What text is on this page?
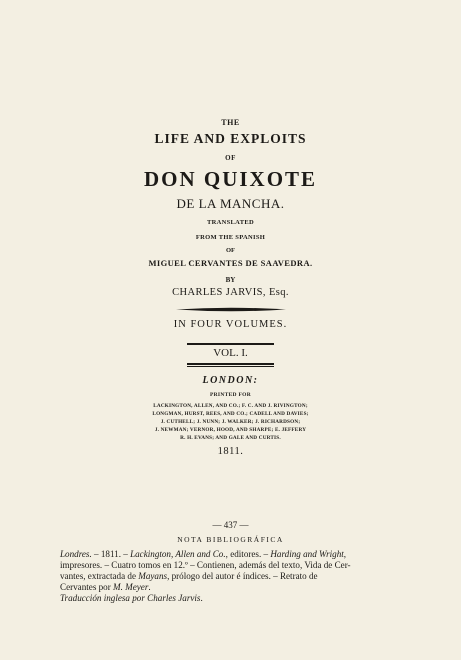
THE
LIFE AND EXPLOITS
OF
DON QUIXOTE
DE LA MANCHA.
TRANSLATED
FROM THE SPANISH
OF
MIGUEL CERVANTES DE SAAVEDRA.
BY
CHARLES JARVIS, Esq.
IN FOUR VOLUMES.
VOL. I.
LONDON:
PRINTED FOR
LACKINGTON, ALLEN, AND CO.; F. C. AND J. RIVINGTON;
LONGMAN, HURST, REES, AND CO.; CADELL AND DAVIES;
J. CUTHELL; J. NUNN; J. WALKER; J. RICHARDSON;
J. NEWMAN; VERNOR, HOOD, AND SHARPE; E. JEFFERY
R. H. EVANS; AND GALE AND CURTIS.
1811.
— 437 —
NOTA BIBLIOGRÁFICA
Londres. – 1811. – Lackington, Allen and Co., editores. – Harding and Wright,
impresores. – Cuatro tomos en 12.º – Contienen, además del texto, Vida de Cer-
vantes, extractada de Mayans, prólogo del autor é índices. – Retrato de
Cervantes por M. Meyer.
Traducción inglesa por Charles Jarvis.
